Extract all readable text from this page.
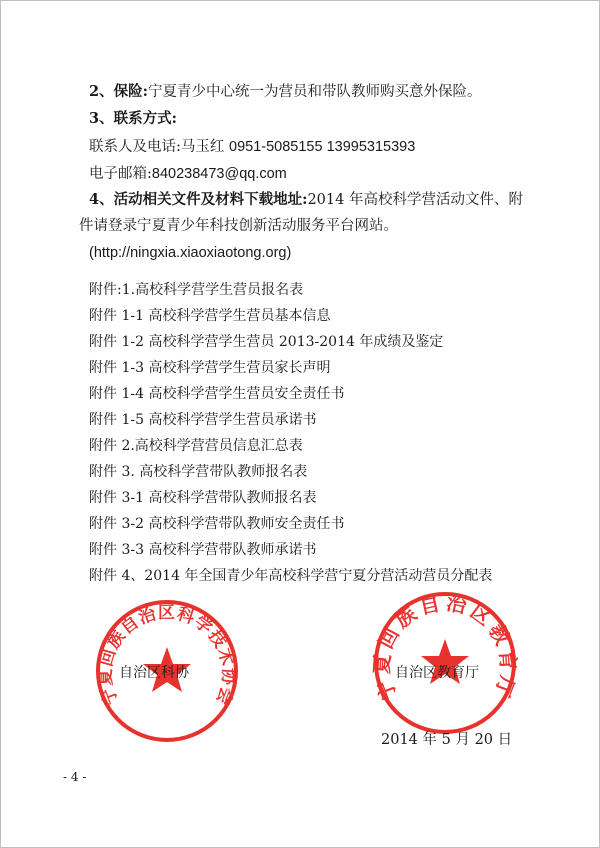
2、保险:宁夏青少中心统一为营员和带队教师购买意外保险。
3、联系方式:
联系人及电话:马玉红 0951-5085155 13995315393
电子邮箱:840238473@qq.com
4、活动相关文件及材料下载地址:2014 年高校科学营活动文件、附
件请登录宁夏青少年科技创新活动服务平台网站。
(http://ningxia.xiaoxiaotong.org)
附件:1.高校科学营学生营员报名表
附件 1-1 高校科学营学生营员基本信息
附件 1-2 高校科学营学生营员 2013-2014 年成绩及鉴定
附件 1-3 高校科学营学生营员家长声明
附件 1-4 高校科学营学生营员安全责任书
附件 1-5 高校科学营学生营员承诺书
附件 2.高校科学营营员信息汇总表
附件 3. 高校科学营带队教师报名表
附件 3-1 高校科学营带队教师报名表
附件 3-2 高校科学营带队教师安全责任书
附件 3-3 高校科学营带队教师承诺书
附件 4、2014 年全国青少年高校科学营宁夏分营活动营员分配表
宁夏回族自治区科学技术协会
自治区科协
宁夏回族自治区教育厅
自治区教育厅
2014 年 5 月 20 日
- 4 -
